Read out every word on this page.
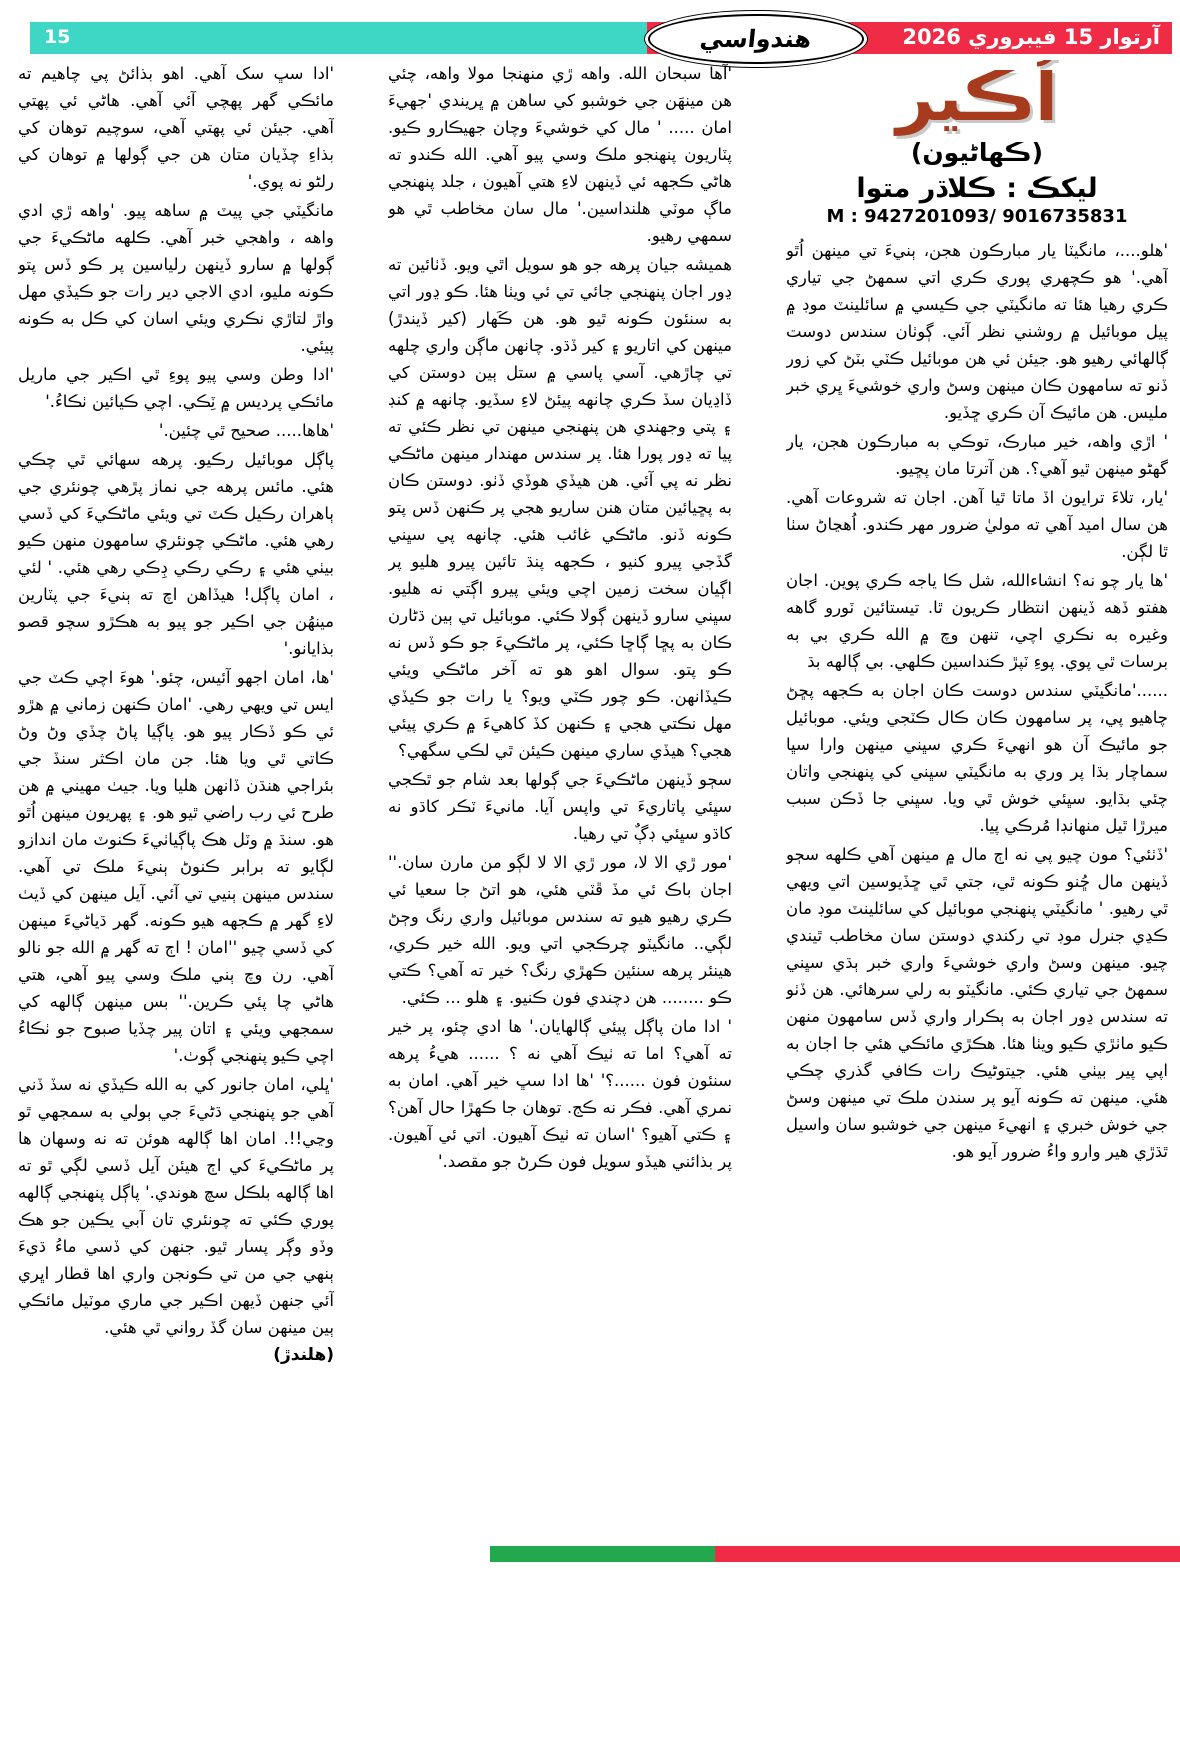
15	آرتوار 15 فيبروري 2026
هندواسي
اُڪير
(ڪهاڻيون)
ليکڪ : ڪلاڌر متوا
M : 9427201093/ 9016735831

'هلو....، مانگيٽا يار مبارڪون هجن، ٻنيءَ تي مينهن اُٿو آهي.' هو ڪچهري پوري ڪري اتي سمهڻ جي تياري ڪري رهيا هئا ته مانگيٽي جي ڪيسي ۾ سائلينٽ موڊ ۾ پيل موبائيل ۾ روشني نظر آئي. ڳوٺان سندس دوست ڳالهائي رهيو هو. جيئن ئي هن موبائيل ڪٽي بٽڻ کي زور ڏنو ته سامهون ڪان مينهن وسڻ واري خوشيءَ ڀري خبر مليس. هن مائيڪ آن ڪري ڇڏيو.

' اڙي واهه، خير مبارڪ، توڪي به مبارڪون هجن، يار گهڻو مينهن ٿيو آهي؟. هن آترتا مان پڇيو.

'يار، تلاءَ ترايون اڏ ماتا ٿيا آهن. اجان ته شروعات آهي. هن سال اميد آهي ته موليٰ ضرور مهر ڪندو. اُهڃاڻ سٺا ٿا لڳن.

'ها يار چو نه؟ انشاءالله، شل ڪا ياجه ڪري پوين. اجان هفتو ڏهه ڏينهن انتظار ڪريون ٿا. تيستائين ٽورو گاهه وغيره به نڪري اچي، تنهن وچ ۾ الله ڪري بي به برسات ٿي پوي. پوءِ ٽپڙ ڪنداسين ڪلهي. بي ڳالهه بڌ

......'مانگيٽي سندس دوست ڪان اجان به ڪجهه پڇڻ چاهيو پي، پر سامهون ڪان ڪال ڪٽجي ويئي. موبائيل جو مائيڪ آن هو انهيءَ ڪري سڀني مينهن وارا سڀا سماچار بڌا پر وري به مانگيٽي سڀني کي پنهنجي واتان چئي بڌايو. سڀئي خوش ٿي ويا. سڀني جا ڏڪن سبب ميرڙا ٿيل منهانڊا مُرڪي پيا.

'ڏٺئي؟ مون چيو پي نه اڄ مال ۾ مينهن آهي ڪلهه سڄو ڏينهن مال ڇُنو ڪونه ٿي، جتي ٿي ڇڏيوسين اتي ويهي ٿي رهيو. ' مانگيٽي پنهنجي موبائيل کي سائلينٽ موڊ مان ڪڍي جنرل موڊ تي رکندي دوستن سان مخاطب ٿيندي چيو. مينهن وسڻ واري خوشيءَ واري خبر ٻڌي سڀني سمهڻ جي تياري ڪئي. مانگيٽو به رلي سرهائي. هن ڏٺو ته سندس ڍور اجان به ٻڪرار واري ڏس سامهون منهن ڪيو ماٺڙي ڪيو ويٺا هئا. هڪڙي مائڪي هئي جا اجان به اپي پير بيٺي هئي. جيتوڻيڪ رات ڪافي گذري چڪي هئي. مينهن ته ڪونه آيو پر سندن ملڪ تي مينهن وسڻ جي خوش خبري ۽ انهيءَ مينهن جي خوشبو سان واسيل ٿڌڙي هير وارو واءُ ضرور آيو هو.

'آها سبحان الله. واهه ڙي منهنجا مولا واهه، چئي هن مينهَن جي خوشبو کي ساهن ۾ ڀريندي 'جهيءَ امان ..... ' مال کي خوشيءَ وچان جهيڪارو ڪيو. پٽاريون پنهنجو ملڪ وسي پيو آهي. الله ڪندو ته هاڻي ڪجهه ئي ڏينهن لاءِ هتي آهيون ، جلد پنهنجي ماڳ موٽي هلنداسين.' مال سان مخاطب ٿي هو سمهي رهيو.

هميشه جيان پرهه جو هو سويل اٿي ويو. ڏٺائين ته ڍور اجان پنهنجي جائي تي ئي ويٺا هئا. ڪو ڍور اتي به سنئون ڪونه ٿيو هو. هن ڪَهار (کير ڏيندڙ) مينهن کي اتاريو ۽ کير ڏڌو. چانهن ماڳن واري چلهه تي چاڙهي. آسي پاسي ۾ ستل ٻين دوستن کي ڏاڍيان سڏ ڪري چانهه پيئڻ لاءِ سڏيو. چانهه ۾ کنڊ ۽ پتي وجهندي هن پنهنجي مينهن تي نظر ڪئي ته پيا ته ڍور پورا هئا. پر سندس مهندار مينهن ماڻڪي نظر نه پي آئي. هن هيڏي هوڏي ڏٺو. دوستن ڪان به پڇيائين متان هنن ساريو هجي پر ڪنهن ڏس پتو ڪونه ڏنو. ماڻڪي غائب هئي. چانهه پي سڀني گڏجي پيرو کنيو ، ڪجهه پنڌ تائين پيرو هليو پر اڳيان سخت زمين اچي ويئي پيرو اڳتي نه هليو. سڀني سارو ڏينهن ڳولا ڪئي. موبائيل تي ٻين ڌڻارن ڪان به پڇا ڳاڇا ڪئي، پر ماڻڪيءَ جو ڪو ڏس نه ڪو پتو. سوال اهو هو ته آخر ماڻڪي ويئي ڪيڏانهن. ڪو چور ڪٽي ويو؟ يا رات جو ڪيڏي مهل نڪتي هجي ۽ ڪنهن کڏ کاهيءَ ۾ ڪري پيئي هجي؟ هيڏي ساري مينهن ڪيئن ٿي لڪي سگهي؟

سڄو ڏينهن ماڻڪيءَ جي ڳولها بعد شام جو ٿڪجي سڀئي پاتاريءَ تي واپس آيا. مانيءَ ٽڪر کاڌو نه کاڌو سڀئي ڊڳٌ تي رهيا.

'مور ڙي الا لا، مور ڙي الا لا لڳو من مارن سان.'' اجان باڪ ئي مڏ ڦٽي هئي، هو اتڻ جا سعيا ئي ڪري رهيو هيو ته سندس موبائيل واري رنگ وڄڻ لڳي.. مانگيٽو چرڪجي اتي ويو. الله خير ڪري، هينئر پرهه سنئين ڪهڙي رنگ؟ خير ته آهي؟ ڪتي ڪو ........ هن دچندي فون ڪنيو. ۽ هلو ... ڪئي.

' ادا مان پاڳل پيئي ڳالهايان.' ها ادي چئو، پر خير ته آهي؟ اما ته ٺيڪ آهي نه ؟ ...... هيءُ پرهه سنئون فون ......؟' 'ها ادا سڀ خير آهي. امان به نمري آهي. فڪر نه ڪج. توهان جا ڪهڙا حال آهن؟ ۽ ڪتي آهيو؟ 'اسان ته ٺيڪ آهيون. اتي ئي آهيون. پر بذائني هيڏو سويل فون ڪرڻ جو مقصد.'

'ادا سڀ سک آهي. اهو بذائڻ پي چاهيم ته مائڪي گهر پهچي آئي آهي. هاڻي ئي پهتي آهي. جيئن ئي پهتي آهي، سوچيم توهان کي بذاءِ چڏيان متان هن جي ڳولها ۾ توهان کي رلڻو نه پوي.'

مانگيٽي جي پيٽ ۾ ساهه پيو. 'واهه ڙي ادي واهه ، واهجي خبر آهي. ڪلهه ماڻڪيءَ جي ڳولها ۾ سارو ڏينهن رلياسين پر ڪو ڏس پتو ڪونه مليو، ادي الاجي دير رات جو ڪيڏي مهل واڙ لتاڙي نڪري ويئي اسان کي ڪل به ڪونه پيئي.

'ادا وطن وسي پيو پوءِ ٿي اڪير جي ماريل مائڪي پرديس ۾ ٽِڪي. اچي ڪيائين ٺڪاءُ.'

'هاها..... صحيح ٿي چئين.'

پاڳل موبائيل رڪيو. پرهه سهائي ٿي چڪي هئي. مائس پرهه جي نماز پڙهي چونئري جي ٻاهران رڪيل ڪٽ تي ويئي ماڻڪيءَ کي ڏسي رهي هئي. ماڻڪي چونئري سامهون منهن ڪيو بيٺي هئي ۽ رڪي رڪي ڊِڪي رهي هئي. ' لئي ، امان پاڳل! هيڏاهن اچ ته ٻنيءَ جي پٽارين مينهُن جي اڪير جو پيو به هڪڙو سچو قصو بذايانو.'

'ها، امان اجهو آئيس، چئو.' هوءَ اچي ڪٽ جي ايس تي ويهي رهي. 'امان ڪنهن زماني ۾ هڙو ئي ڪو ڏڪار پيو هو. پاڳيا پاڻ چڏي وڻ وڻ ڪاتي ٿي ويا هئا. جن مان اڪثر سنڏ جي بئراجي هنڌن ڏانهن هليا ويا. جيٺ مهيني ۾ هن طرح ئي رب راضي ٿيو هو. ۽ پهريون مينهن اُٿو هو. سنڌ ۾ وٽل هڪ پاڳياٺيءَ ڪنوٽ مان اندازو لڳايو ته برابر ڪنوڻ ٻنيءَ ملڪ تي آهي. سندس مينهن ٻنيي تي آئي. آيل مينهن کي ڏيٺ لاءِ گهر ۾ ڪجهه هيو ڪونه. گهر ڌياڻيءَ مينهن کي ڏسي چيو ''امان ! اڄ ته گهر ۾ الله جو نالو آهي. رن وچ ٻني ملڪ وسي پيو آهي، هتي هاڻي چا پئي ڪرين.'' بس مينهن ڳالهه کي سمجهي ويئي ۽ اتان پير چڏيا صبوح جو ٺڪاءُ اچي ڪيو پنهنجي ڳوٺ.'

'ڀلي، امان جانور کي به الله ڪيڏي نه سڏ ڏني آهي جو پنهنجي ڌڻيءَ جي ٻولي به سمجهي ٿو وڃي!!. امان اها ڳالهه هوئن ته نه وسهان ها پر ماڻڪيءَ کي اڄ هيئن آيل ڏسي لڳي ٿو ته اها ڳالهه بلڪل سچ هوندي.' پاڳل پنهنجي ڳالهه پوري ڪئي ته چونئري تان آبي يڪين جو هڪ وڏو وڳر پسار ٿيو. جنهن کي ڏسي ماءُ ڌيءَ ٻنهي جي من تي ڪونجن واري اها قطار اڀري آئي جنهن ڏيهن اڪير جي ماري موٽيل مائڪي ٻين مينهن سان گڏ رواني ٿي هئي.

(هلندڙ)
